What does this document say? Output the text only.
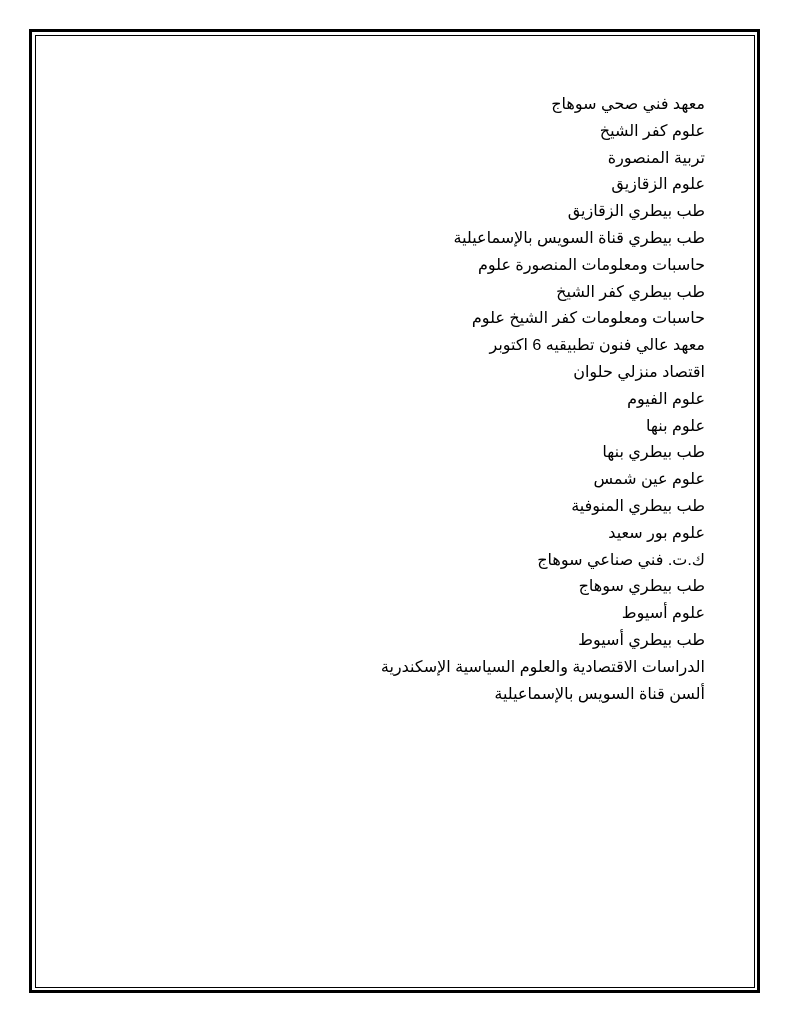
معهد فني صحي سوهاج
علوم كفر الشيخ
تربية المنصورة
علوم الزقازيق
طب بيطري الزقازيق
طب بيطري قناة السويس بالإسماعيلية
حاسبات ومعلومات المنصورة علوم
طب بيطري كفر الشيخ
حاسبات ومعلومات كفر الشيخ علوم
معهد عالي فنون تطبيقيه 6 اكتوبر
اقتصاد منزلي حلوان
علوم الفيوم
علوم بنها
طب بيطري بنها
علوم عين شمس
طب بيطري المنوفية
علوم بور سعيد
ك.ت. فني صناعي سوهاج
طب بيطري سوهاج
علوم أسيوط
طب بيطري أسيوط
الدراسات الاقتصادية والعلوم السياسية الإسكندرية
ألسن قناة السويس بالإسماعيلية
